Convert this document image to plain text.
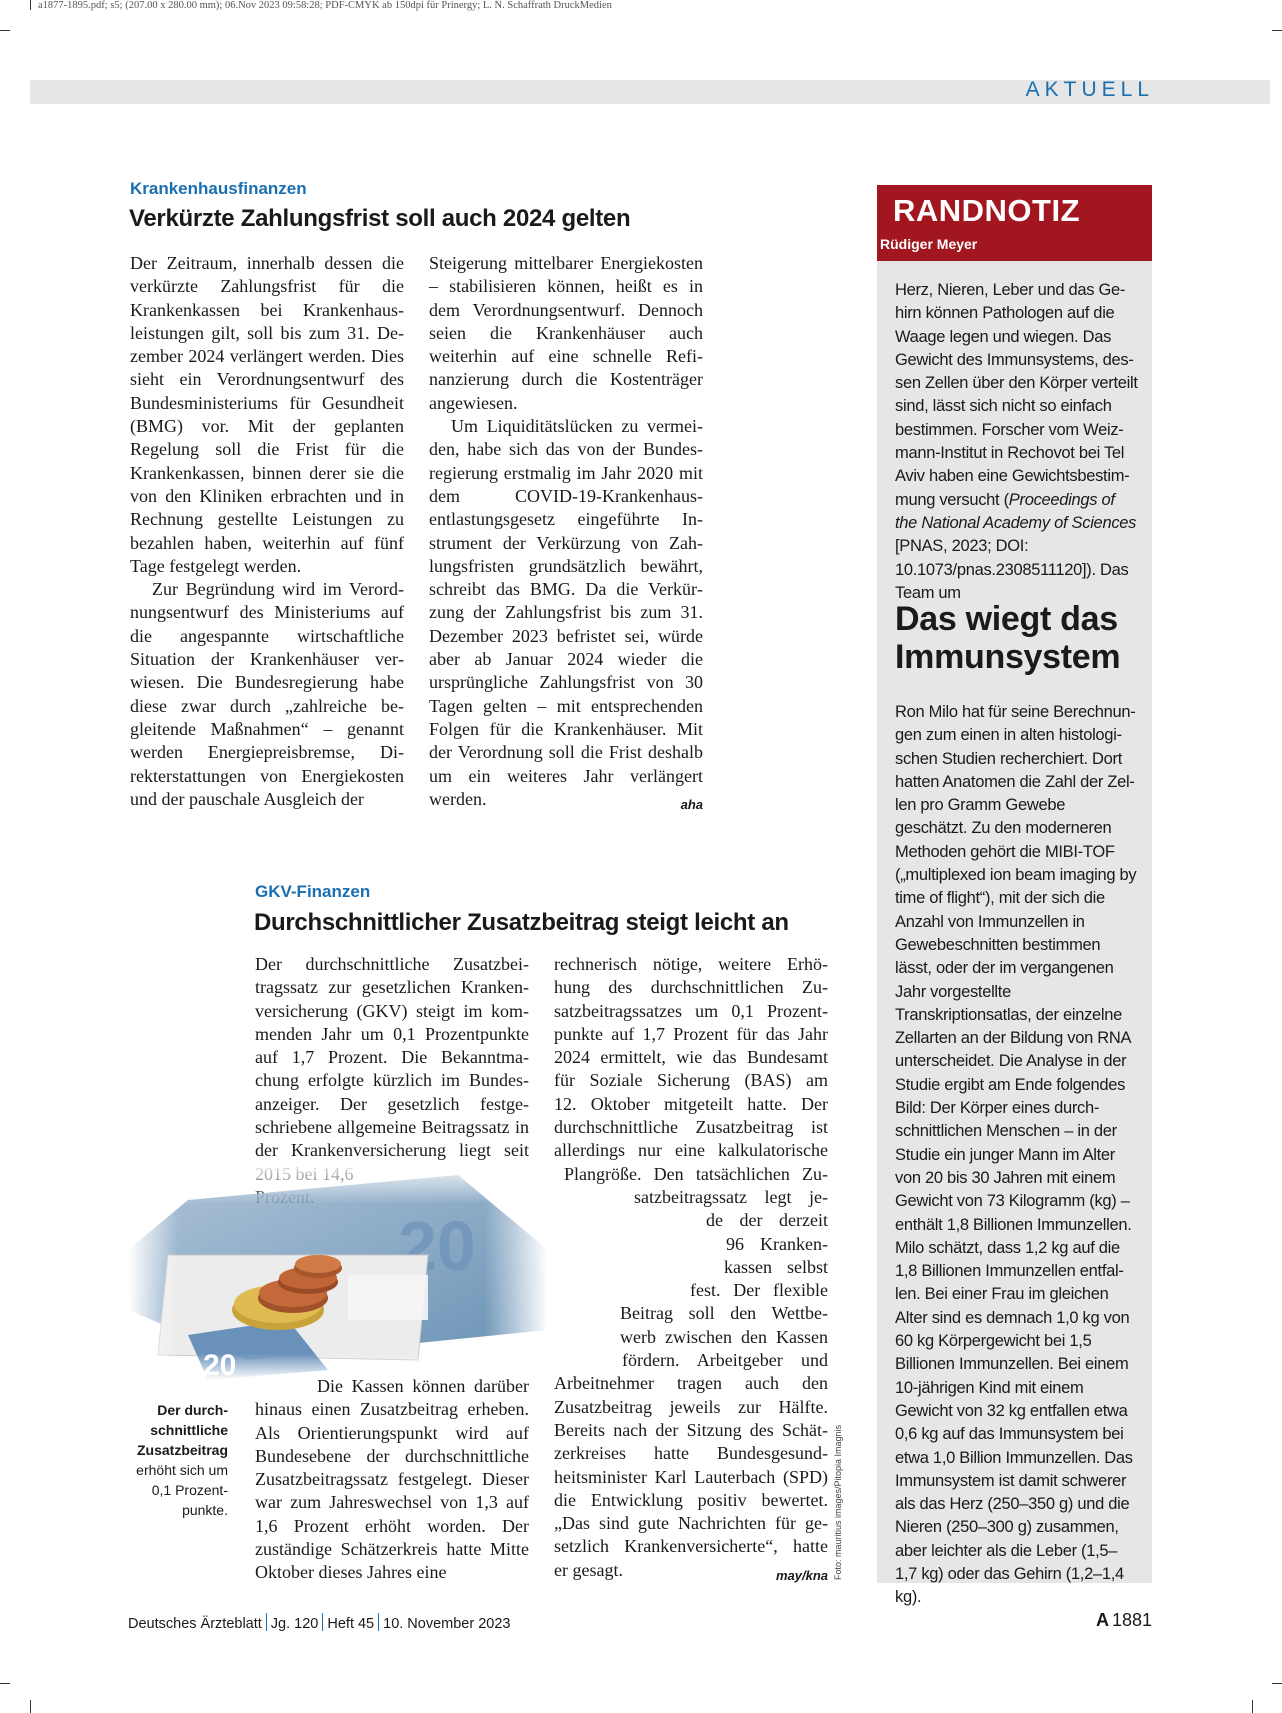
a1877-1895.pdf; s5; (207.00 x 280.00 mm); 06.Nov 2023 09:58:28; PDF-CMYK ab 150dpi für Prinergy; L. N. Schaffrath DruckMedien
AKTUELL
Krankenhausfinanzen
Verkürzte Zahlungsfrist soll auch 2024 gelten

Der Zeitraum, innerhalb dessen die verkürzte Zahlungsfrist für die Krankenkassen bei Krankenhausleistungen gilt, soll bis zum 31. Dezember 2024 verlängert werden. Dies sieht ein Verordnungsentwurf des Bundesministeriums für Gesundheit (BMG) vor. Mit der geplanten Regelung soll die Frist für die Krankenkassen, binnen derer sie die von den Kliniken erbrachten und in Rechnung gestellte Leistungen zu bezahlen haben, weiterhin auf fünf Tage festgelegt werden.

Zur Begründung wird im Verordnungsentwurf des Ministeriums auf die angespannte wirtschaftliche Situation der Krankenhäuser verwiesen. Die Bundesregierung habe diese zwar durch „zahlreiche begleitende Maßnahmen“ – genannt werden Energiepreisbremse, Direkterstattungen von Energiekosten und der pauschale Ausgleich der

Steigerung mittelbarer Energiekosten – stabilisieren können, heißt es in dem Verordnungsentwurf. Dennoch seien die Krankenhäuser auch weiterhin auf eine schnelle Refinanzierung durch die Kostenträger angewiesen.

Um Liquiditätslücken zu vermeiden, habe sich das von der Bundesregierung erstmalig im Jahr 2020 mit dem COVID-19-Krankenhausentlastungsgesetz eingeführte Instrument der Verkürzung von Zahlungsfristen grundsätzlich bewährt, schreibt das BMG. Da die Verkürzung der Zahlungsfrist bis zum 31. Dezember 2023 befristet sei, würde aber ab Januar 2024 wieder die ursprüngliche Zahlungsfrist von 30 Tagen gelten – mit entsprechenden Folgen für die Krankenhäuser. Mit der Verordnung soll die Frist deshalb um ein weiteres Jahr verlängert werden.	aha

GKV-Finanzen
Durchschnittlicher Zusatzbeitrag steigt leicht an

Der durchschnittliche Zusatzbeitragssatz zur gesetzlichen Krankenversicherung (GKV) steigt im kommenden Jahr um 0,1 Prozentpunkte auf 1,7 Prozent. Die Bekanntmachung erfolgte kürzlich im Bundesanzeiger. Der gesetzlich festgeschriebene allgemeine Beitragssatz in der Krankenversicherung liegt seit

Der durchschnittliche Zusatzbeitrag erhöht sich um 0,1 Prozentpunkte.

Die Kassen können darüber hinaus einen Zusatzbeitrag erheben. Als Orientierungspunkt wird auf Bundesebene der durchschnittliche Zusatzbeitragssatz festgelegt. Dieser war zum Jahreswechsel von 1,3 auf 1,6 Prozent erhöht worden. Der zuständige Schätzerkreis hatte Mitte Oktober dieses Jahres eine

rechnerisch nötige, weitere Erhö-
hung des durchschnittlichen Zu-
satzbeitragssatzes um 0,1 Prozent-
punkte auf 1,7 Prozent für das Jahr
2024 ermittelt, wie das Bundesamt
für Soziale Sicherung (BAS) am
12. Oktober mitgeteilt hatte. Der
durchschnittliche Zusatzbeitrag ist
allerdings nur eine kalkulatorische
Plangröße. Den tatsächlichen Zu-
satzbeitragssatz legt je-
de der derzeit
96 Kranken-
kassen selbst
fest. Der flexible
Beitrag soll den Wettbe-
werb zwischen den Kassen
fördern. Arbeitgeber und
Arbeitnehmer tragen auch den
Zusatzbeitrag jeweils zur Hälfte.
Bereits nach der Sitzung des Schät-
zerkreises hatte Bundesgesund-
heitsminister Karl Lauterbach (SPD)
die Entwicklung positiv bewertet.
„Das sind gute Nachrichten für ge-
setzlich Krankenversicherte“, hatte
er gesagt.	may/kna Foto: mauritius images/Pitopia Imagnis
RANDNOTIZ
Rüdiger Meyer

Herz, Nieren, Leber und das Gehirn können Pathologen auf die Waage legen und wiegen. Das Gewicht des Immunsystems, dessen Zellen über den Körper verteilt sind, lässt sich nicht so einfach bestimmen. Forscher vom Weizmann-Institut in Rechovot bei Tel Aviv haben eine Gewichtsbestimmung versucht (Proceedings of the National Academy of Sciences [PNAS, 2023; DOI: 10.1073/pnas.2308511120]). Das Team um

Das wiegt das Immunsystem

Ron Milo hat für seine Berechnungen zum einen in alten histologischen Studien recherchiert. Dort hatten Anatomen die Zahl der Zellen pro Gramm Gewebe geschätzt. Zu den moderneren Methoden gehört die MIBI-TOF („multiplexed ion beam imaging by time of flight“), mit der sich die Anzahl von Immunzellen in Gewebeschnitten bestimmen lässt, oder der im vergangenen Jahr vorgestellte Transkriptionsatlas, der einzelne Zellarten an der Bildung von RNA unterscheidet. Die Analyse in der Studie ergibt am Ende folgendes Bild: Der Körper eines durchschnittlichen Menschen – in der Studie ein junger Mann im Alter von 20 bis 30 Jahren mit einem Gewicht von 73 Kilogramm (kg) – enthält 1,8 Billionen Immunzellen. Milo schätzt, dass 1,2 kg auf die 1,8 Billionen Immunzellen entfallen. Bei einer Frau im gleichen Alter sind es demnach 1,0 kg von 60 kg Körpergewicht bei 1,5 Billionen Immunzellen. Bei einem 10-jährigen Kind mit einem Gewicht von 32 kg entfallen etwa 0,6 kg auf das Immunsystem bei etwa 1,0 Billion Immunzellen. Das Immunsystem ist damit schwerer als das Herz (250–350 g) und die Nieren (250–300 g) zusammen, aber leichter als die Leber (1,5–1,7 kg) oder das Gehirn (1,2–1,4 kg).

Deutsches Ärzteblatt Jg. 120 Heft 45 10. November 2023	A 1881
